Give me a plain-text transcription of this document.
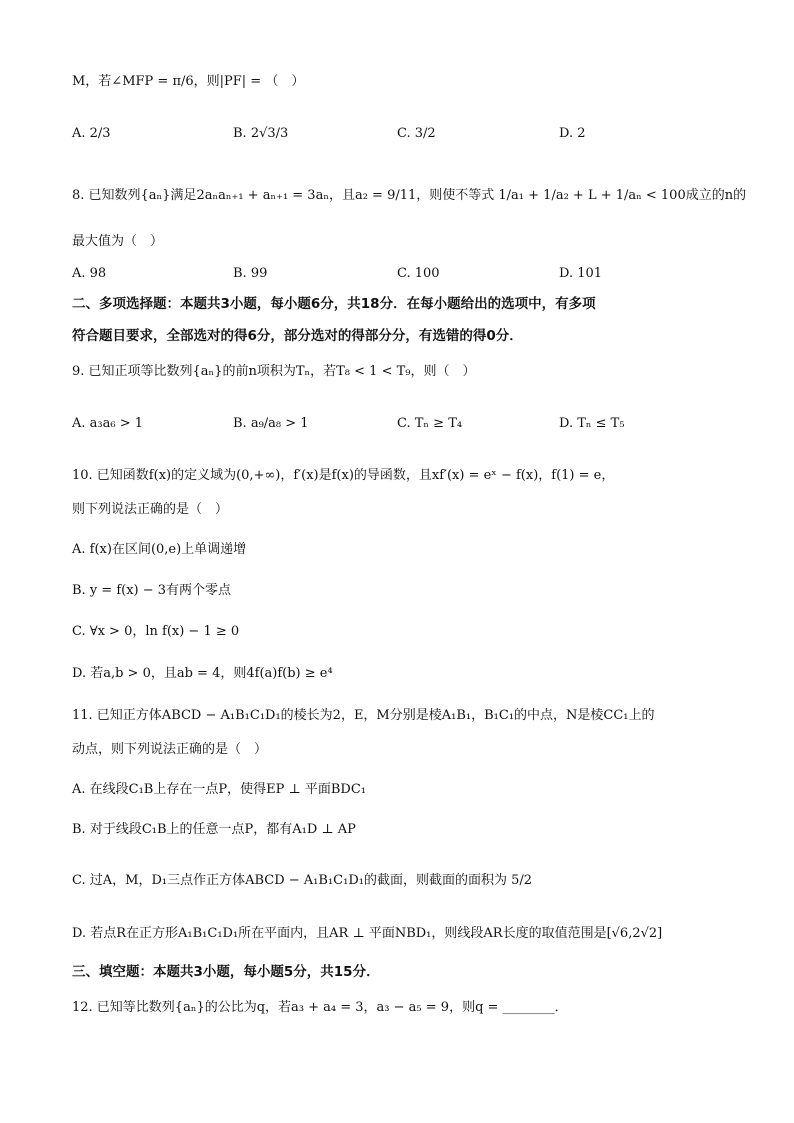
M，若∠MFP = π/6，则|PF| = （　）
A. 2/3	B. 2√3/3	C. 3/2	D. 2
8. 已知数列{aₙ}满足2aₙaₙ₊₁ + aₙ₊₁ = 3aₙ，且a₂ = 9/11，则使不等式 1/a₁ + 1/a₂ + L + 1/aₙ < 100成立的n的
最大值为（　）
A. 98	B. 99	C. 100	D. 101
二、多项选择题：本题共3小题，每小题6分，共18分．在每小题给出的选项中，有多项
符合题目要求，全部选对的得6分，部分选对的得部分分，有选错的得0分．
9. 已知正项等比数列{aₙ}的前n项积为Tₙ，若T₈ < 1 < T₉，则（　）
A. a₃a₆ > 1	B. a₉/a₈ > 1	C. Tₙ ≥ T₄	D. Tₙ ≤ T₅
10. 已知函数f(x)的定义域为(0,+∞)，f′(x)是f(x)的导函数，且xf′(x) = eˣ − f(x)，f(1) = e，
则下列说法正确的是（　）
A. f(x)在区间(0,e)上单调递增
B. y = f(x) − 3有两个零点
C. ∀x > 0，ln f(x) − 1 ≥ 0
D. 若a,b > 0，且ab = 4，则4f(a)f(b) ≥ e⁴
11. 已知正方体ABCD − A₁B₁C₁D₁的棱长为2，E，M分别是棱A₁B₁，B₁C₁的中点，N是棱CC₁上的
动点，则下列说法正确的是（　）
A. 在线段C₁B上存在一点P，使得EP ⊥ 平面BDC₁
B. 对于线段C₁B上的任意一点P，都有A₁D ⊥ AP
C. 过A，M，D₁三点作正方体ABCD − A₁B₁C₁D₁的截面，则截面的面积为 5/2
D. 若点R在正方形A₁B₁C₁D₁所在平面内，且AR ⊥ 平面NBD₁，则线段AR长度的取值范围是[√6,2√2]
三、填空题：本题共3小题，每小题5分，共15分．
12. 已知等比数列{aₙ}的公比为q，若a₃ + a₄ = 3，a₃ − a₅ = 9，则q = ________．
